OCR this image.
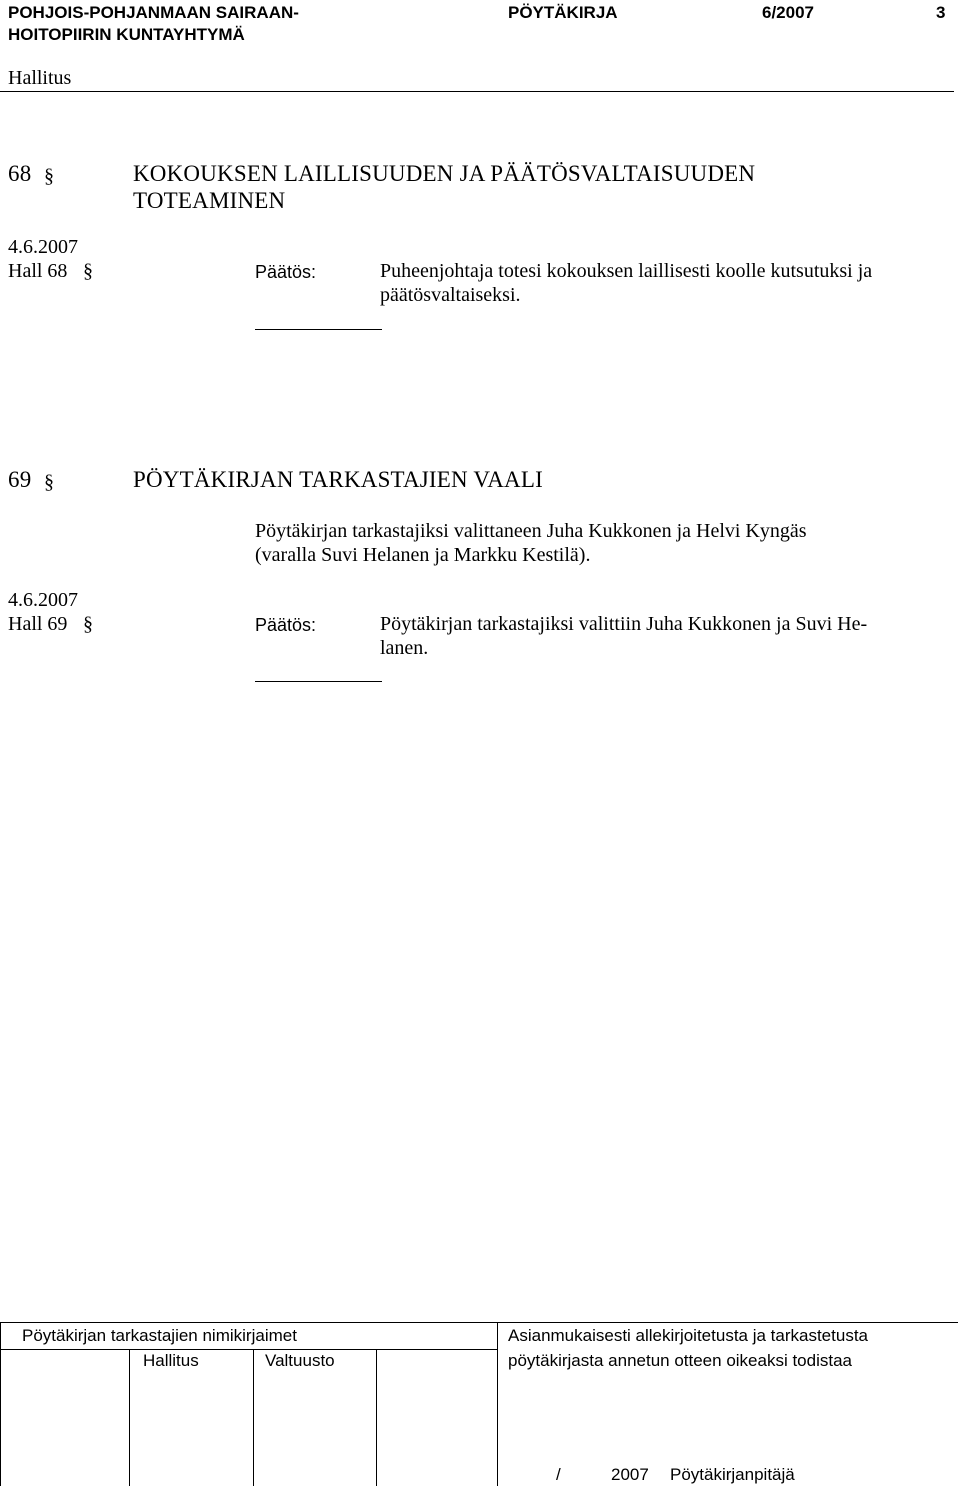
POHJOIS-POHJANMAAN SAIRAAN-
HOITOPIIRIN KUNTAYHTYMÄ
PÖYTÄKIRJA	6/2007	3
Hallitus
68 §	KOKOUKSEN LAILLISUUDEN JA PÄÄTÖSVALTAISUUDEN
TOTEAMINEN
4.6.2007
Hall 68 §	Päätös:	Puheenjohtaja totesi kokouksen laillisesti koolle kutsutuksi ja
päätösvaltaiseksi.
69 §	PÖYTÄKIRJAN TARKASTAJIEN VAALI
Pöytäkirjan tarkastajiksi valittaneen Juha Kukkonen ja Helvi Kyngäs
(varalla Suvi Helanen ja Markku Kestilä).
4.6.2007
Hall 69 §	Päätös:	Pöytäkirjan tarkastajiksi valittiin Juha Kukkonen ja Suvi He-
lanen.
Pöytäkirjan tarkastajien nimikirjaimet
Hallitus	Valtuusto
Asianmukaisesti allekirjoitetusta ja tarkastetusta
pöytäkirjasta annetun otteen oikeaksi todistaa
/	2007 Pöytäkirjanpitäjä
